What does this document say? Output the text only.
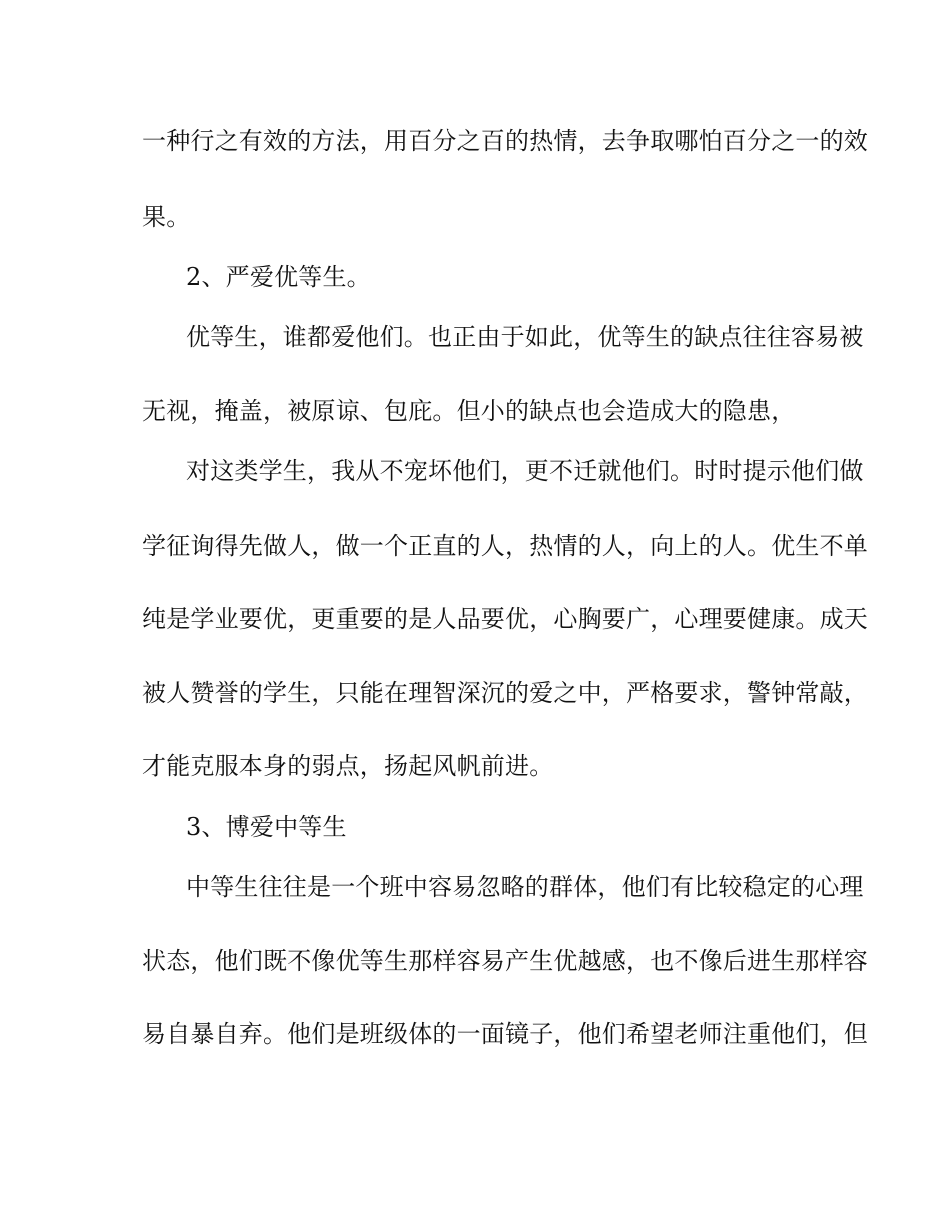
一种行之有效的方法，用百分之百的热情，去争取哪怕百分之一的效
果。
2、严爱优等生。
优等生，谁都爱他们。也正由于如此，优等生的缺点往往容易被
无视，掩盖，被原谅、包庇。但小的缺点也会造成大的隐患，
对这类学生，我从不宠坏他们，更不迁就他们。时时提示他们做
学征询得先做人，做一个正直的人，热情的人，向上的人。优生不单
纯是学业要优，更重要的是人品要优，心胸要广，心理要健康。成天
被人赞誉的学生，只能在理智深沉的爱之中，严格要求，警钟常敲，
才能克服本身的弱点，扬起风帆前进。
3、博爱中等生
中等生往往是一个班中容易忽略的群体，他们有比较稳定的心理
状态，他们既不像优等生那样容易产生优越感，也不像后进生那样容
易自暴自弃。他们是班级体的一面镜子，他们希望老师注重他们，但
